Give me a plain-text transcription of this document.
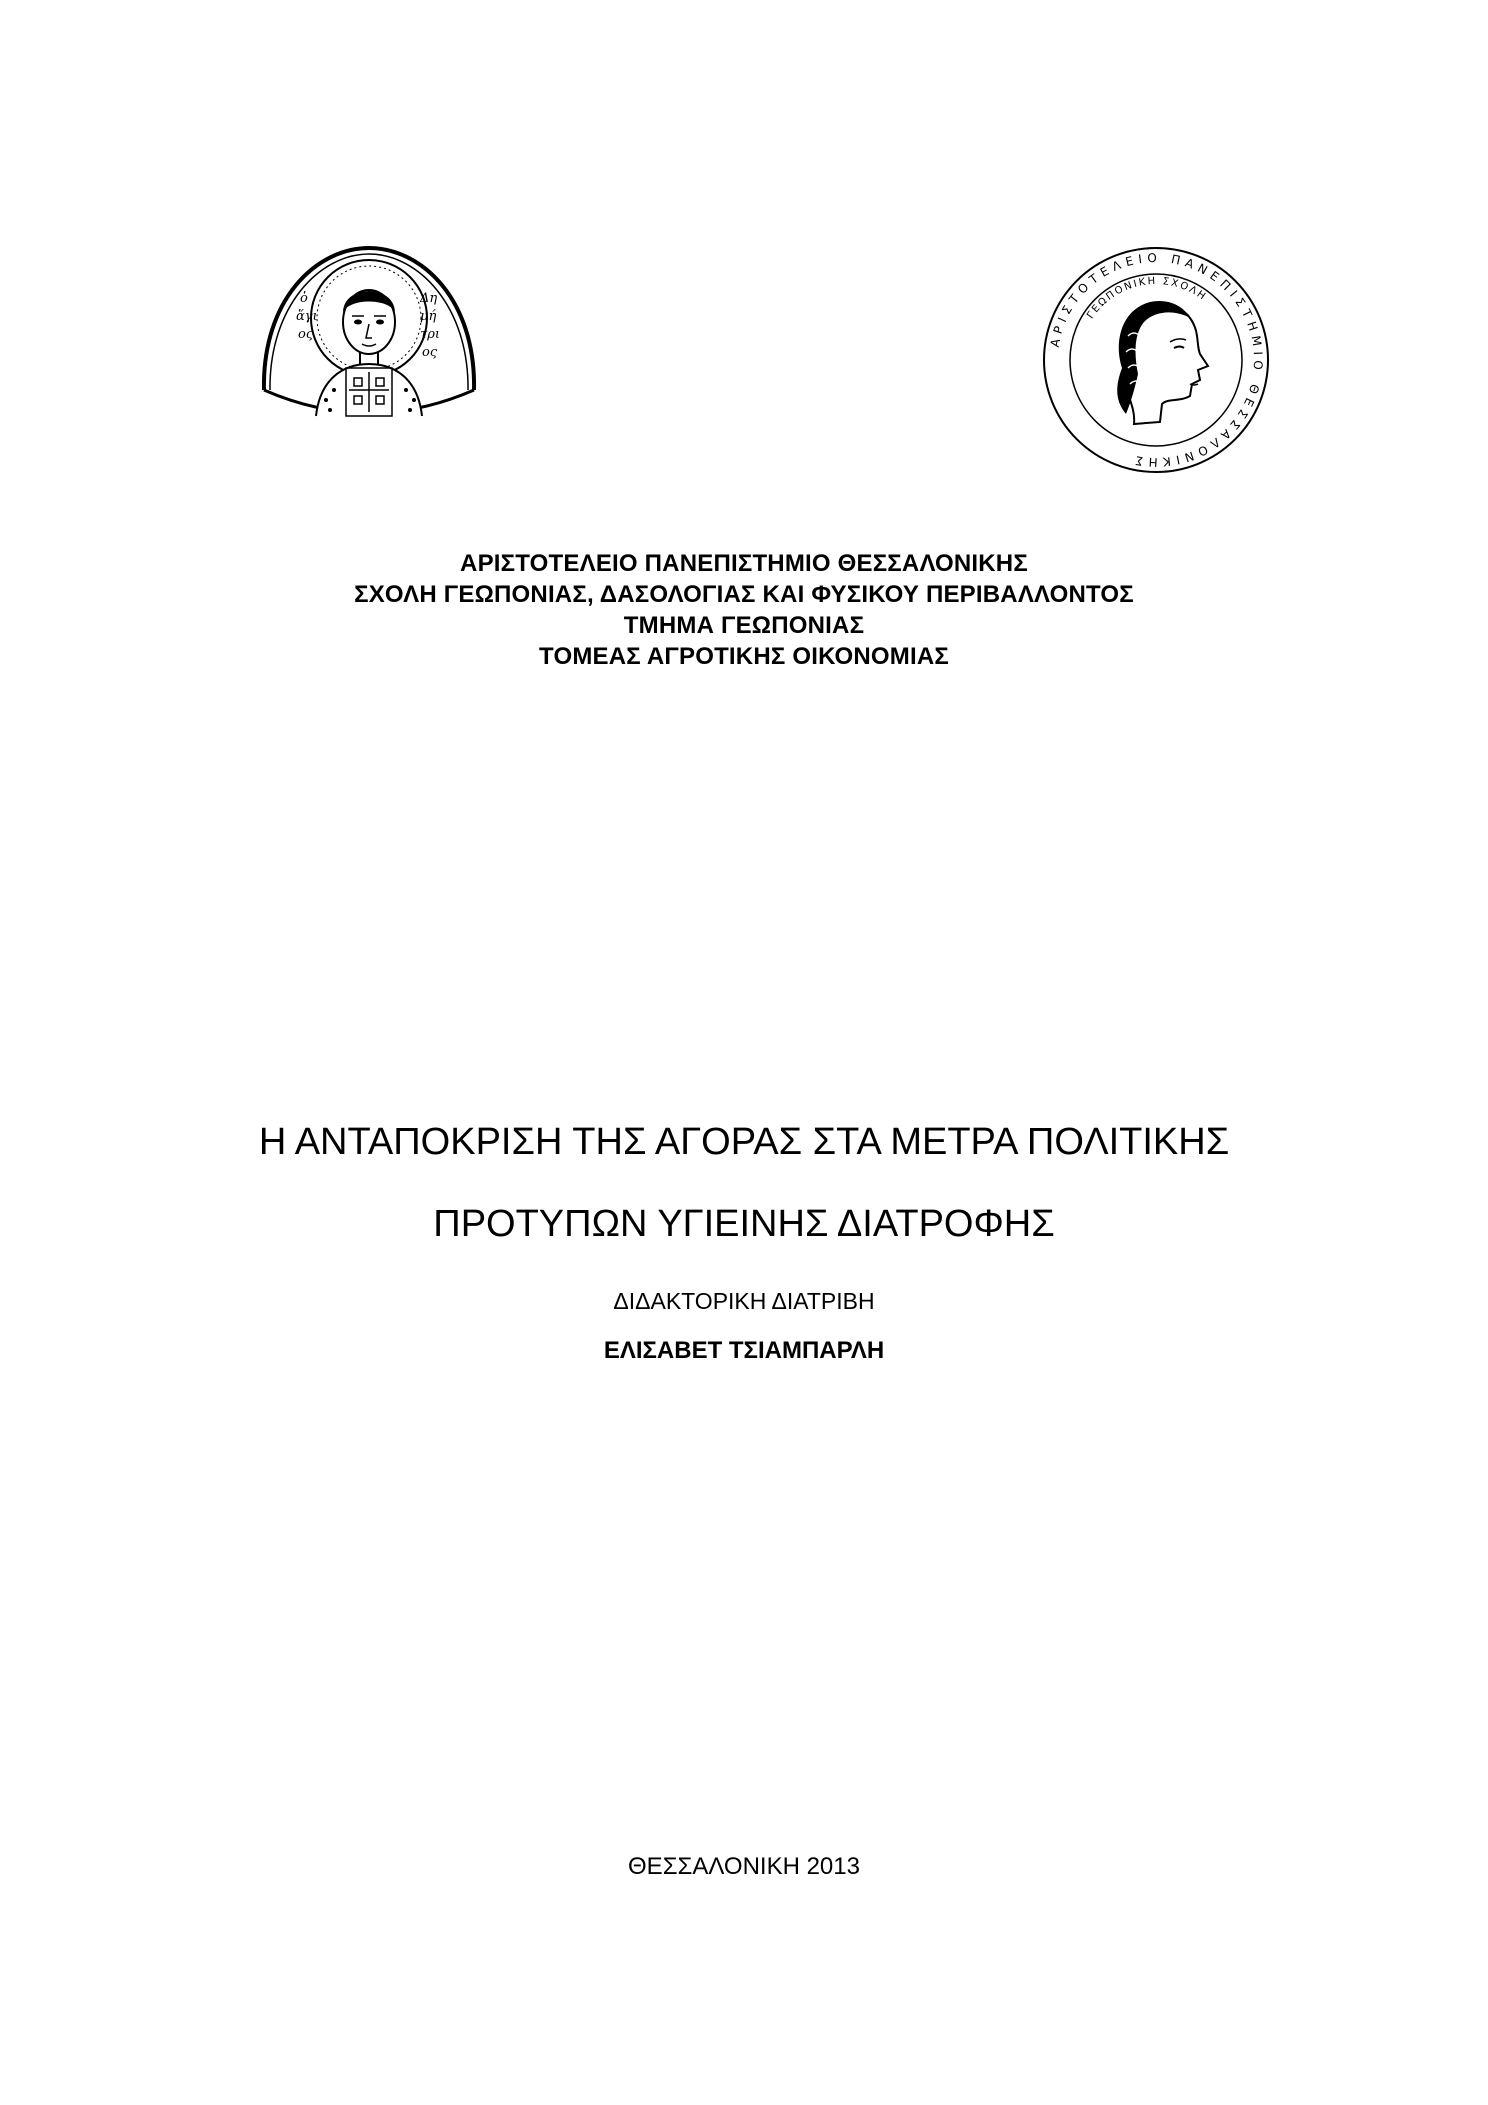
ὁ
ἅγι
ος
Δη
μή
τρι
ος
ΑΡΙΣΤΟΤΕΛΕΙΟ ΠΑΝΕΠΙΣΤΗΜΙΟ ΘΕΣΣΑΛΟΝΙΚΗΣ
ΓΕΩΠΟΝΙΚΗ ΣΧΟΛΗ
ΑΡΙΣΤΟΤΕΛΕΙΟ ΠΑΝΕΠΙΣΤΗΜΙΟ ΘΕΣΣΑΛΟΝΙΚΗΣ
ΣΧΟΛΗ ΓΕΩΠΟΝΙΑΣ, ΔΑΣΟΛΟΓΙΑΣ ΚΑΙ ΦΥΣΙΚΟΥ ΠΕΡΙΒΑΛΛΟΝΤΟΣ
ΤΜΗΜΑ ΓΕΩΠΟΝΙΑΣ
ΤΟΜΕΑΣ ΑΓΡΟΤΙΚΗΣ ΟΙΚΟΝΟΜΙΑΣ
Η ΑΝΤΑΠΟΚΡΙΣΗ ΤΗΣ ΑΓΟΡΑΣ ΣΤΑ ΜΕΤΡΑ ΠΟΛΙΤΙΚΗΣ
ΠΡΟΤΥΠΩΝ ΥΓΙΕΙΝΗΣ ΔΙΑΤΡΟΦΗΣ
ΔΙΔΑΚΤΟΡΙΚΗ ΔΙΑΤΡΙΒΗ
ΕΛΙΣΑΒΕΤ ΤΣΙΑΜΠΑΡΛΗ
ΘΕΣΣΑΛΟΝΙΚΗ 2013
